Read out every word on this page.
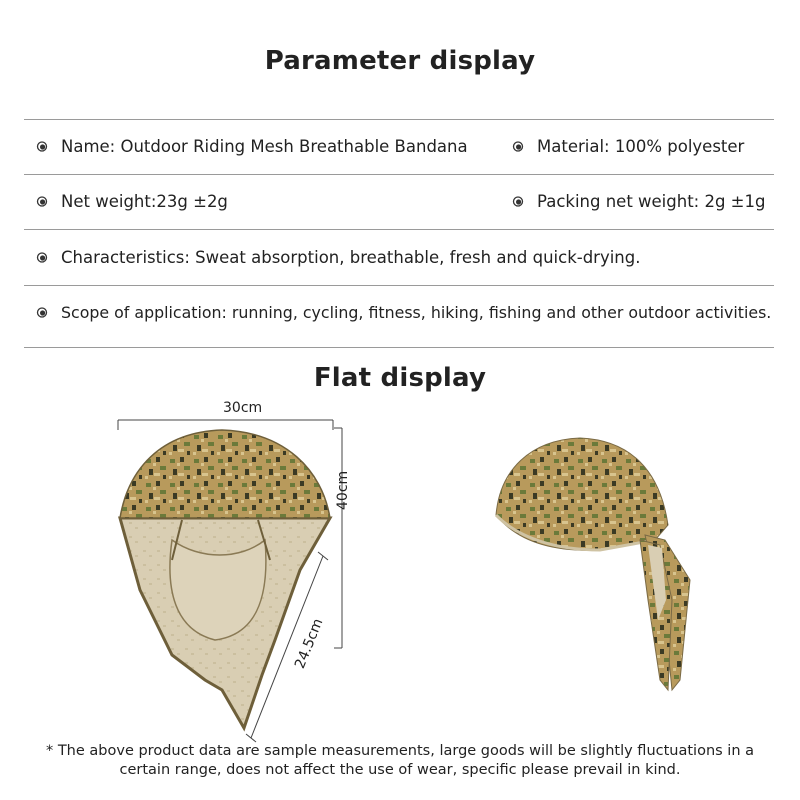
Parameter display
Name: Outdoor Riding Mesh Breathable Bandana	Material: 100% polyester
Net weight:23g ±2g	Packing net weight: 2g ±1g
Characteristics: Sweat absorption, breathable, fresh and quick-drying.
Scope of application: running, cycling, fitness, hiking, fishing and other outdoor activities.
Flat display
30cm
40cm
24.5cm
* The above product data are sample measurements, large goods will be slightly fluctuations in a certain range, does not affect the use of wear, specific please prevail in kind.
